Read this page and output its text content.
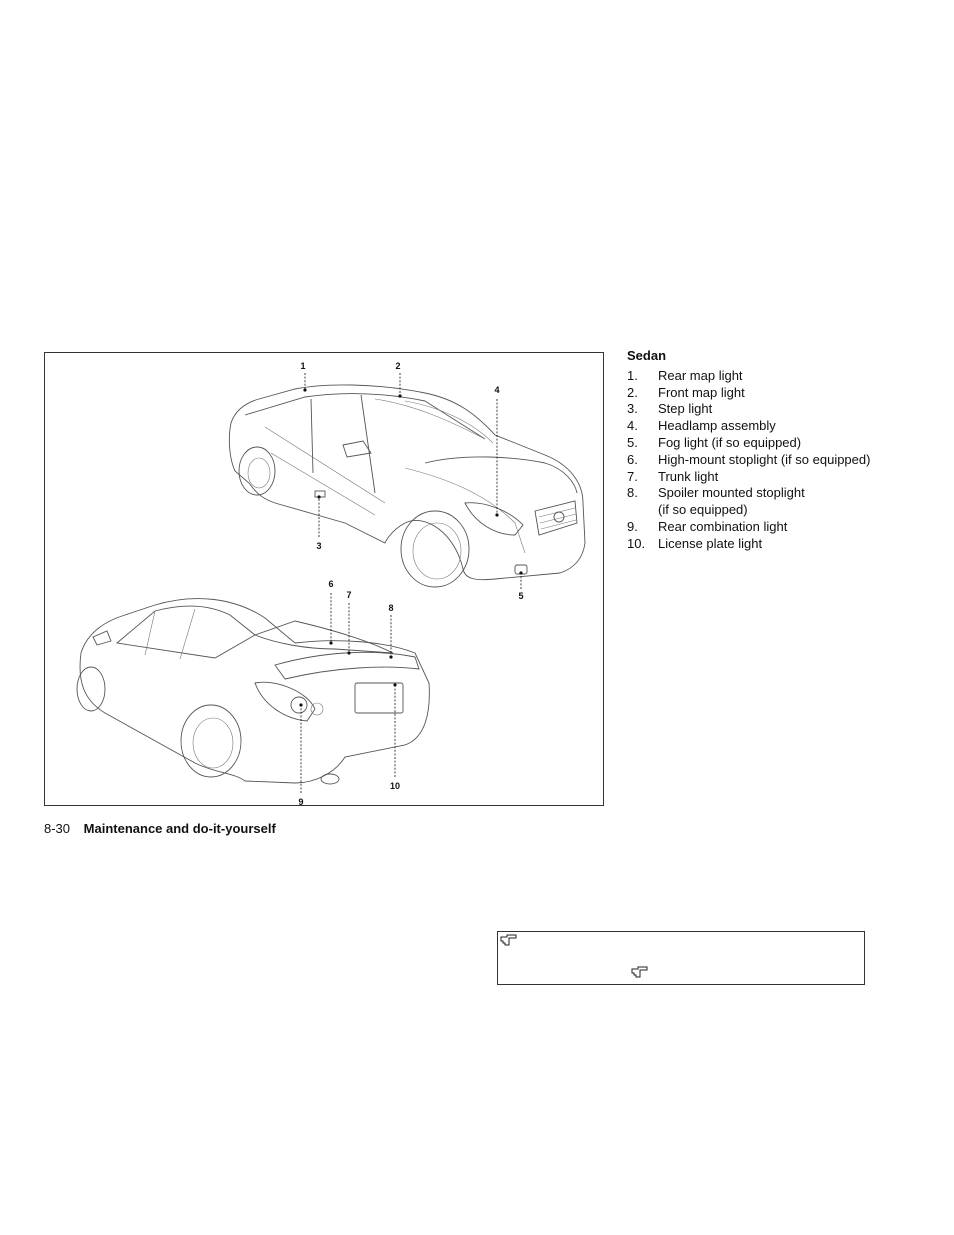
1	2
3
4
5
6
7
8
9
10
Sedan
1.	Rear map light
2.	Front map light
3.	Step light
4.	Headlamp assembly
5.	Fog light (if so equipped)
6.	High-mount stoplight (if so equipped)
7.	Trunk light
8.	Spoiler mounted stoplight
(if so equipped)
9.	Rear combination light
10. License plate light
8-30 Maintenance and do-it-yourself
